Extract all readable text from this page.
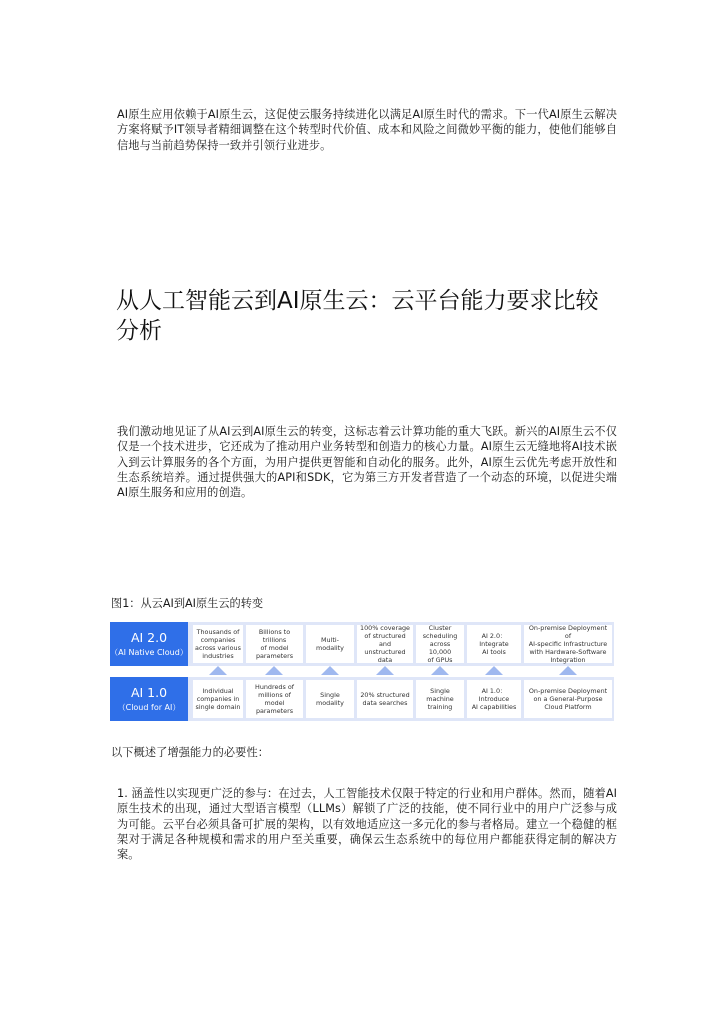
AI原生应用依赖于AI原生云，这促使云服务持续进化以满足AI原生时代的需求。下一代AI原生云解决方案将赋予IT领导者精细调整在这个转型时代价值、成本和风险之间微妙平衡的能力，使他们能够自信地与当前趋势保持一致并引领行业进步。

从人工智能云到AI原生云：云平台能力要求比较分析

我们激动地见证了从AI云到AI原生云的转变，这标志着云计算功能的重大飞跃。新兴的AI原生云不仅仅是一个技术进步，它还成为了推动用户业务转型和创造力的核心力量。AI原生云无缝地将AI技术嵌入到云计算服务的各个方面，为用户提供更智能和自动化的服务。此外，AI原生云优先考虑开放性和生态系统培养。通过提供强大的API和SDK，它为第三方开发者营造了一个动态的环境，以促进尖端AI原生服务和应用的创造。

图1：从云AI到AI原生云的转变

AI 2.0
（AI Native Cloud）
Thousands of
companies
across various
industries
Billions to trillions
of model
parameters
Multi-modality
100% coverage
of structured and
unstructured data
Cluster
scheduling
across 10,000
of GPUs
AI 2.0：Integrate
AI tools
On-premise Deployment of
AI-specific Infrastructure
with Hardware-Software
Integration
AI 1.0
（Cloud for AI）
Individual
companies in
single domain
Hundreds of
millions of model
parameters
Single modality
20% structured
data searches
Single machine
training
AI 1.0：Introduce
AI capabilities
On-premise Deployment
on a General-Purpose
Cloud Platform

以下概述了增强能力的必要性：

1. 涵盖性以实现更广泛的参与：在过去，人工智能技术仅限于特定的行业和用户群体。然而，随着AI原生技术的出现，通过大型语言模型（LLMs）解锁了广泛的技能，使不同行业中的用户广泛参与成为可能。云平台必须具备可扩展的架构，以有效地适应这一多元化的参与者格局。建立一个稳健的框架对于满足各种规模和需求的用户至关重要，确保云生态系统中的每位用户都能获得定制的解决方案。
